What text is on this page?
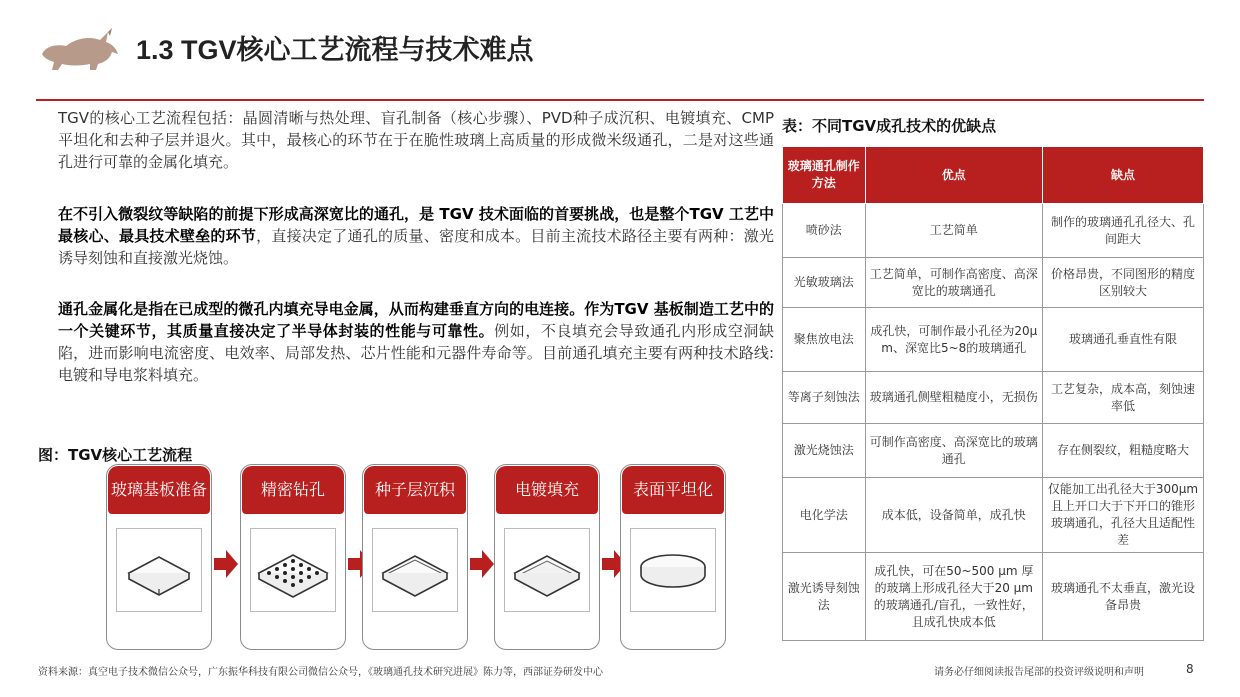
1.3 TGV核心工艺流程与技术难点
TGV的核心工艺流程包括：晶圆清晰与热处理、盲孔制备（核心步骤）、PVD种子成沉积、电镀填充、CMP平坦化和去种子层并退火。其中，最核心的环节在于在脆性玻璃上高质量的形成微米级通孔，二是对这些通孔进行可靠的金属化填充。
在不引入微裂纹等缺陷的前提下形成高深宽比的通孔，是 TGV 技术面临的首要挑战，也是整个TGV 工艺中最核心、最具技术壁垒的环节，直接决定了通孔的质量、密度和成本。目前主流技术路径主要有两种：激光诱导刻蚀和直接激光烧蚀。
通孔金属化是指在已成型的微孔内填充导电金属，从而构建垂直方向的电连接。作为TGV 基板制造工艺中的一个关键环节，其质量直接决定了半导体封装的性能与可靠性。例如，不良填充会导致通孔内形成空洞缺陷，进而影响电流密度、电效率、局部发热、芯片性能和元器件寿命等。目前通孔填充主要有两种技术路线:电镀和导电浆料填充。
图：TGV核心工艺流程
玻璃基板准备	精密钻孔	种子层沉积	电镀填充	表面平坦化
表：不同TGV成孔技术的优缺点
玻璃通孔制作方法	优点	缺点
喷砂法	工艺简单	制作的玻璃通孔孔径大、孔间距大
光敏玻璃法	工艺简单，可制作高密度、高深宽比的玻璃通孔	价格昂贵，不同图形的精度区别较大
聚焦放电法	成孔快，可制作最小孔径为20μm、深宽比5~8的玻璃通孔	玻璃通孔垂直性有限
等离子刻蚀法	玻璃通孔侧壁粗糙度小，无损伤	工艺复杂，成本高，刻蚀速率低
激光烧蚀法	可制作高密度、高深宽比的玻璃通孔	存在侧裂纹，粗糙度略大
电化学法	成本低，设备简单，成孔快	仅能加工出孔径大于300μm且上开口大于下开口的锥形玻璃通孔，孔径大且适配性差
激光诱导刻蚀法	成孔快，可在50~500 μm 厚的玻璃上形成孔径大于20 μm 的玻璃通孔/盲孔，一致性好，且成孔快成本低	玻璃通孔不太垂直，激光设备昂贵
资料来源：真空电子技术微信公众号，广东振华科技有限公司微信公众号，《玻璃通孔技术研究进展》陈力等，西部证券研发中心	请务必仔细阅读报告尾部的投资评级说明和声明	8
